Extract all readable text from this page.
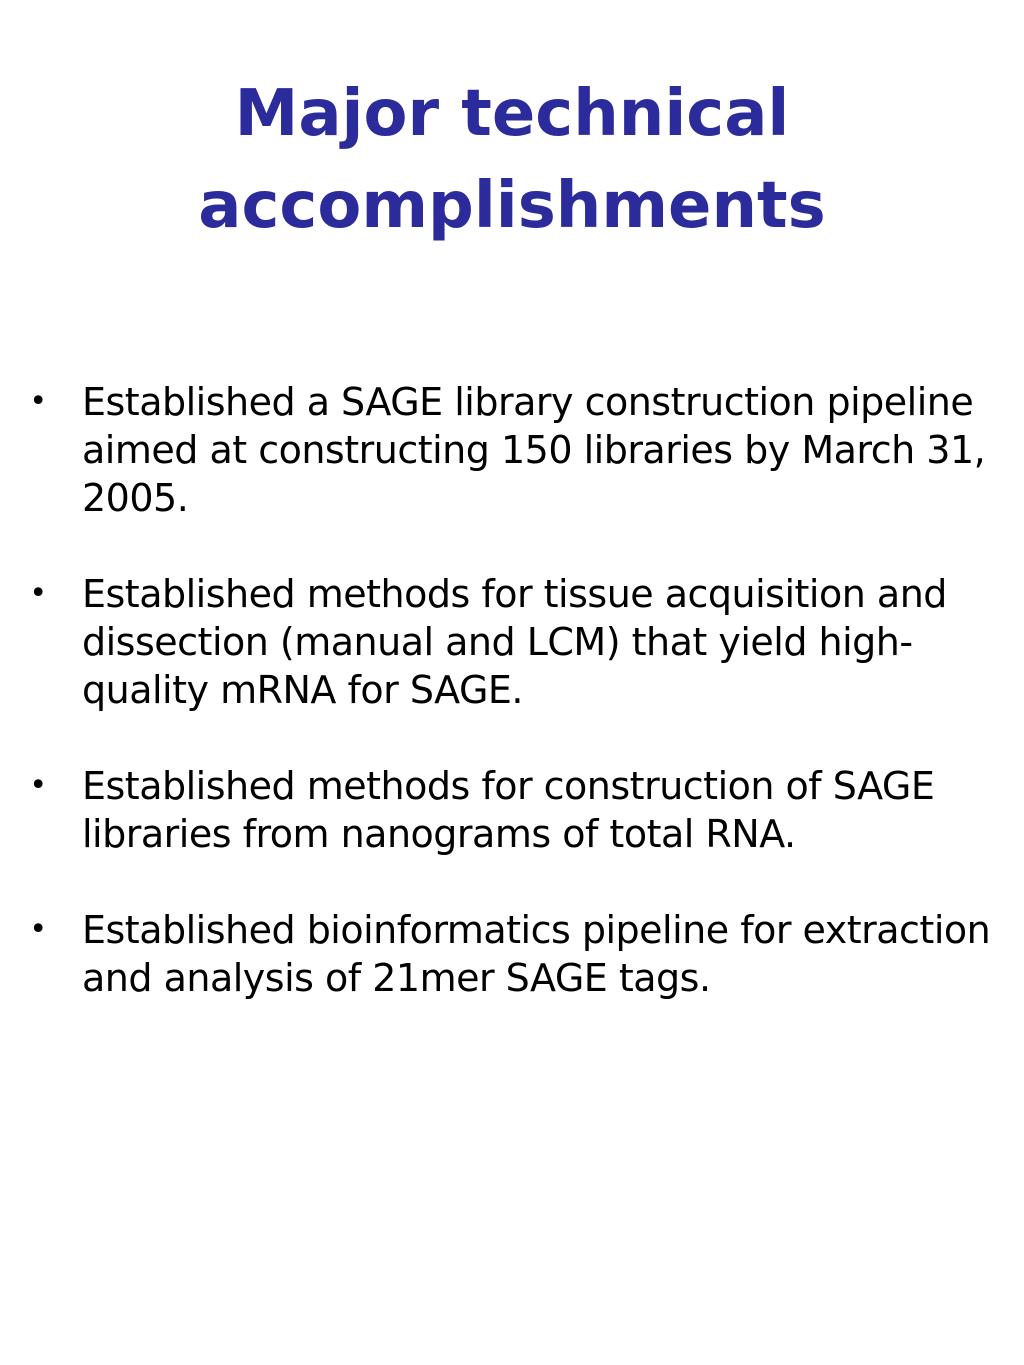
Major technical
accomplishments
• Established a SAGE library construction pipeline aimed at constructing 150 libraries by March 31, 2005.
• Established methods for tissue acquisition and dissection (manual and LCM) that yield high-quality mRNA for SAGE.
• Established methods for construction of SAGE libraries from nanograms of total RNA.
• Established bioinformatics pipeline for extraction and analysis of 21mer SAGE tags.
